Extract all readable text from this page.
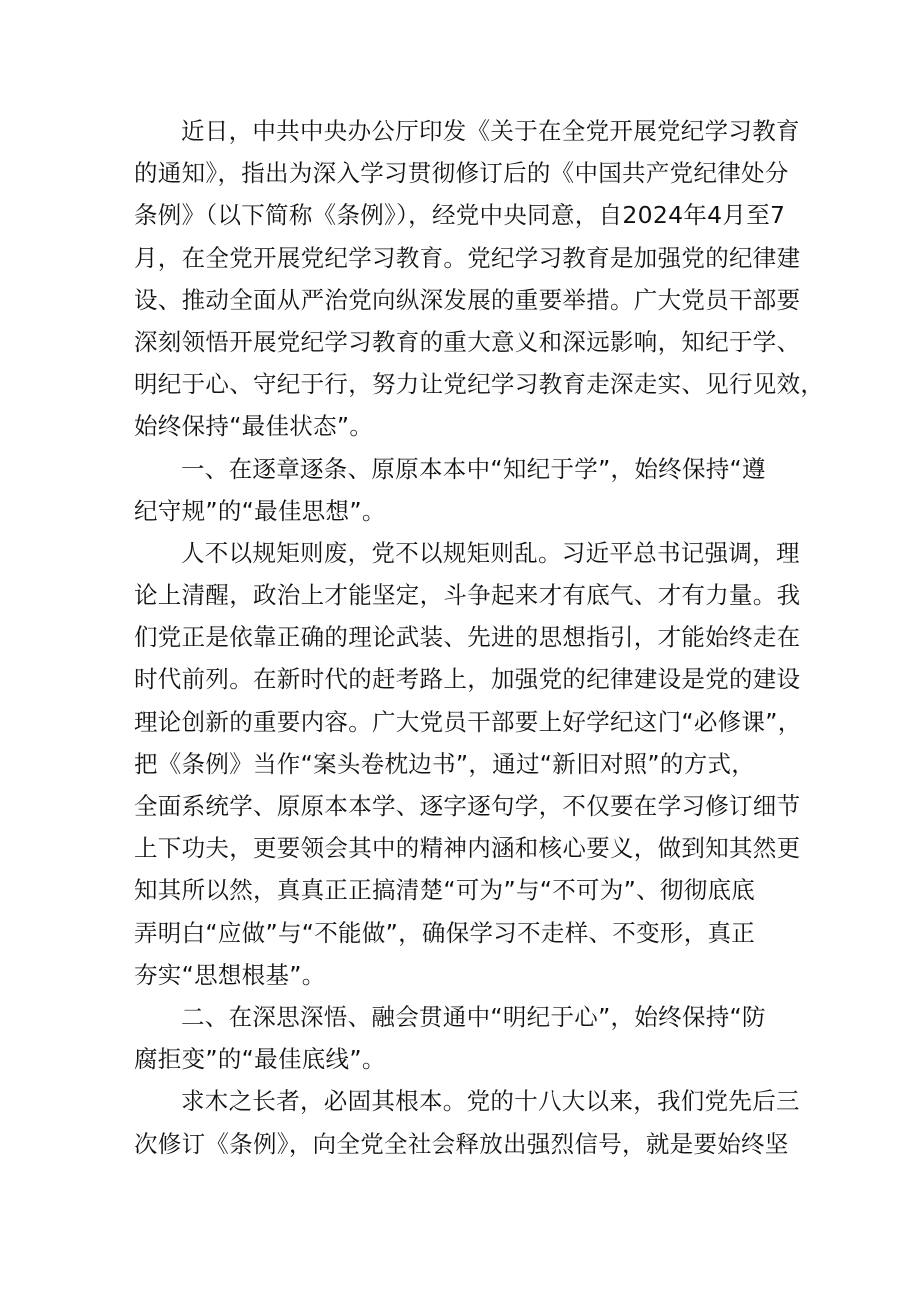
近日，中共中央办公厅印发《关于在全党开展党纪学习教育
的通知》，指出为深入学习贯彻修订后的《中国共产党纪律处分
条例》（以下简称《条例》），经党中央同意，自2024年4月至7
月，在全党开展党纪学习教育。党纪学习教育是加强党的纪律建
设、推动全面从严治党向纵深发展的重要举措。广大党员干部要
深刻领悟开展党纪学习教育的重大意义和深远影响，知纪于学、
明纪于心、守纪于行，努力让党纪学习教育走深走实、见行见效，
始终保持“最佳状态”。
一、在逐章逐条、原原本本中“知纪于学”，始终保持“遵
纪守规”的“最佳思想”。
人不以规矩则废，党不以规矩则乱。习近平总书记强调，理
论上清醒，政治上才能坚定，斗争起来才有底气、才有力量。我
们党正是依靠正确的理论武装、先进的思想指引，才能始终走在
时代前列。在新时代的赶考路上，加强党的纪律建设是党的建设
理论创新的重要内容。广大党员干部要上好学纪这门“必修课”，
把《条例》当作“案头卷枕边书”，通过“新旧对照”的方式，
全面系统学、原原本本学、逐字逐句学，不仅要在学习修订细节
上下功夫，更要领会其中的精神内涵和核心要义，做到知其然更
知其所以然，真真正正搞清楚“可为”与“不可为”、彻彻底底
弄明白“应做”与“不能做”，确保学习不走样、不变形，真正
夯实“思想根基”。
二、在深思深悟、融会贯通中“明纪于心”，始终保持“防
腐拒变”的“最佳底线”。
求木之长者，必固其根本。党的十八大以来，我们党先后三
次修订《条例》，向全党全社会释放出强烈信号，就是要始终坚
